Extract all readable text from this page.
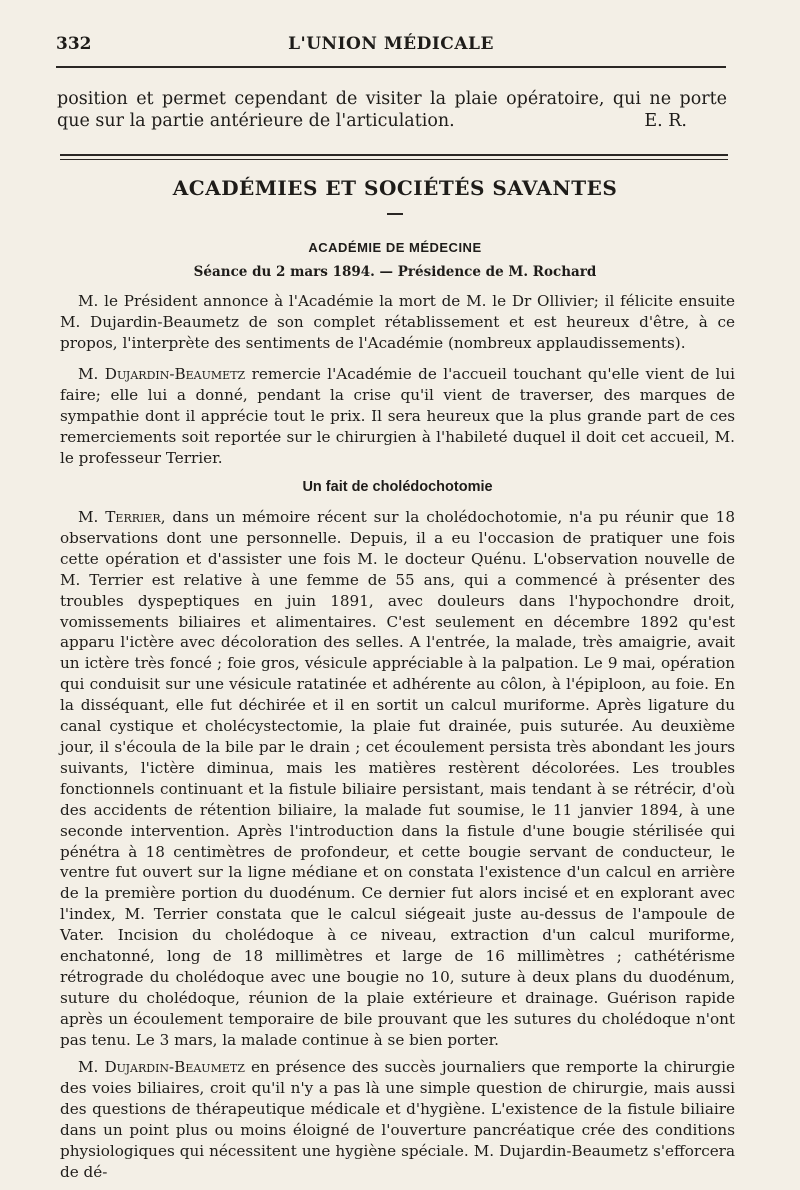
332	L'UNION MÉDICALE
position et permet cependant de visiter la plaie opératoire, qui ne porte que sur la partie antérieure de l'articulation.	E. R.
ACADÉMIES ET SOCIÉTÉS SAVANTES
ACADÉMIE DE MÉDECINE
Séance du 2 mars 1894. — Présidence de M. Rochard

M. le Président annonce à l'Académie la mort de M. le Dr Ollivier; il félicite ensuite M. Dujardin-Beaumetz de son complet rétablissement et est heureux d'être, à ce propos, l'interprète des sentiments de l'Académie (nombreux applaudissements).

M. Dujardin-Beaumetz remercie l'Académie de l'accueil touchant qu'elle vient de lui faire; elle lui a donné, pendant la crise qu'il vient de traverser, des marques de sympathie dont il apprécie tout le prix. Il sera heureux que la plus grande part de ces remerciements soit reportée sur le chirurgien à l'habileté duquel il doit cet accueil, M. le professeur Terrier.

Un fait de cholédochotomie

M. Terrier, dans un mémoire récent sur la cholédochotomie, n'a pu réunir que 18 observations dont une personnelle. Depuis, il a eu l'occasion de pratiquer une fois cette opération et d'assister une fois M. le docteur Quénu. L'observation nouvelle de M. Terrier est relative à une femme de 55 ans, qui a commencé à présenter des troubles dyspeptiques en juin 1891, avec douleurs dans l'hypochondre droit, vomissements biliaires et alimentaires. C'est seulement en décembre 1892 qu'est apparu l'ictère avec décoloration des selles. A l'entrée, la malade, très amaigrie, avait un ictère très foncé ; foie gros, vésicule appréciable à la palpation. Le 9 mai, opération qui conduisit sur une vésicule ratatinée et adhérente au côlon, à l'épiploon, au foie. En la disséquant, elle fut déchirée et il en sortit un calcul muriforme. Après ligature du canal cystique et cholécystectomie, la plaie fut drainée, puis suturée. Au deuxième jour, il s'écoula de la bile par le drain ; cet écoulement persista très abondant les jours suivants, l'ictère diminua, mais les matières restèrent décolorées. Les troubles fonctionnels continuant et la fistule biliaire persistant, mais tendant à se rétrécir, d'où des accidents de rétention biliaire, la malade fut soumise, le 11 janvier 1894, à une seconde intervention. Après l'introduction dans la fistule d'une bougie stérilisée qui pénétra à 18 centimètres de profondeur, et cette bougie servant de conducteur, le ventre fut ouvert sur la ligne médiane et on constata l'existence d'un calcul en arrière de la première portion du duodénum. Ce dernier fut alors incisé et en explorant avec l'index, M. Terrier constata que le calcul siégeait juste au-dessus de l'ampoule de Vater. Incision du cholédoque à ce niveau, extraction d'un calcul muriforme, enchatonné, long de 18 millimètres et large de 16 millimètres ; cathétérisme rétrograde du cholédoque avec une bougie no 10, suture à deux plans du duodénum, suture du cholédoque, réunion de la plaie extérieure et drainage. Guérison rapide après un écoulement temporaire de bile prouvant que les sutures du cholédoque n'ont pas tenu. Le 3 mars, la malade continue à se bien porter.

M. Dujardin-Beaumetz en présence des succès journaliers que remporte la chirurgie des voies biliaires, croit qu'il n'y a pas là une simple question de chirurgie, mais aussi des questions de thérapeutique médicale et d'hygiène. L'existence de la fistule biliaire dans un point plus ou moins éloigné de l'ouverture pancréatique crée des conditions physiologiques qui nécessitent une hygiène spéciale. M. Dujardin-Beaumetz s'efforcera de dé-
